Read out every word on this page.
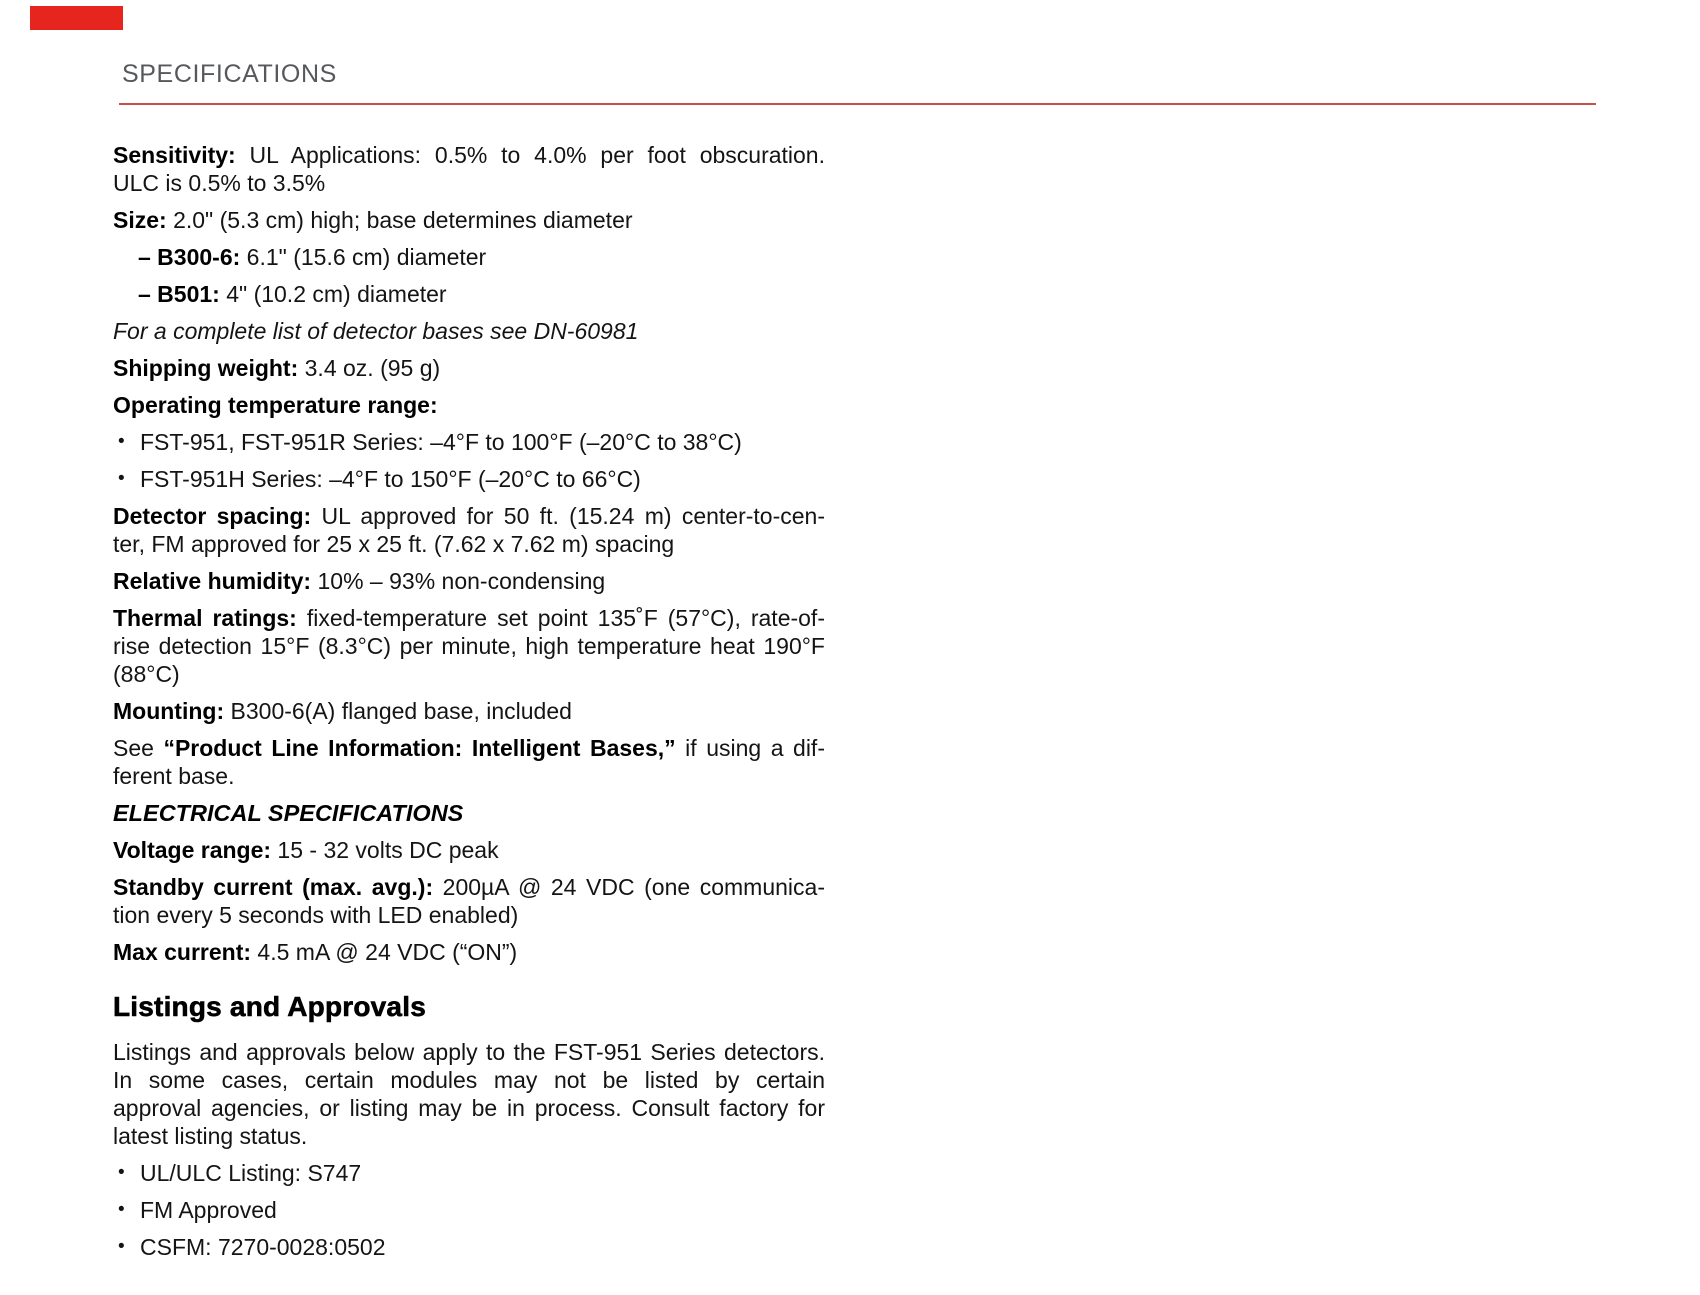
SPECIFICATIONS
Sensitivity: UL Applications: 0.5% to 4.0% per foot obscuration.
ULC is 0.5% to 3.5%
Size: 2.0" (5.3 cm) high; base determines diameter
– B300-6: 6.1" (15.6 cm) diameter
– B501: 4" (10.2 cm) diameter
For a complete list of detector bases see DN-60981
Shipping weight: 3.4 oz. (95 g)
Operating temperature range:
• FST-951, FST-951R Series: –4°F to 100°F (–20°C to 38°C)
• FST-951H Series: –4°F to 150°F (–20°C to 66°C)
Detector spacing: UL approved for 50 ft. (15.24 m) center-to-cen-
ter, FM approved for 25 x 25 ft. (7.62 x 7.62 m) spacing
Relative humidity: 10% – 93% non-condensing
Thermal ratings: fixed-temperature set point 135˚F (57°C), rate-of-
rise detection 15°F (8.3°C) per minute, high temperature heat 190°F
(88°C)
Mounting: B300-6(A) flanged base, included
See “Product Line Information: Intelligent Bases,” if using a dif-
ferent base.
ELECTRICAL SPECIFICATIONS
Voltage range: 15 - 32 volts DC peak
Standby current (max. avg.): 200µA @ 24 VDC (one communica-
tion every 5 seconds with LED enabled)
Max current: 4.5 mA @ 24 VDC (“ON”)
Listings and Approvals
Listings and approvals below apply to the FST-951 Series detectors.
In some cases, certain modules may not be listed by certain
approval agencies, or listing may be in process. Consult factory for
latest listing status.
• UL/ULC Listing: S747
• FM Approved
• CSFM: 7270-0028:0502
